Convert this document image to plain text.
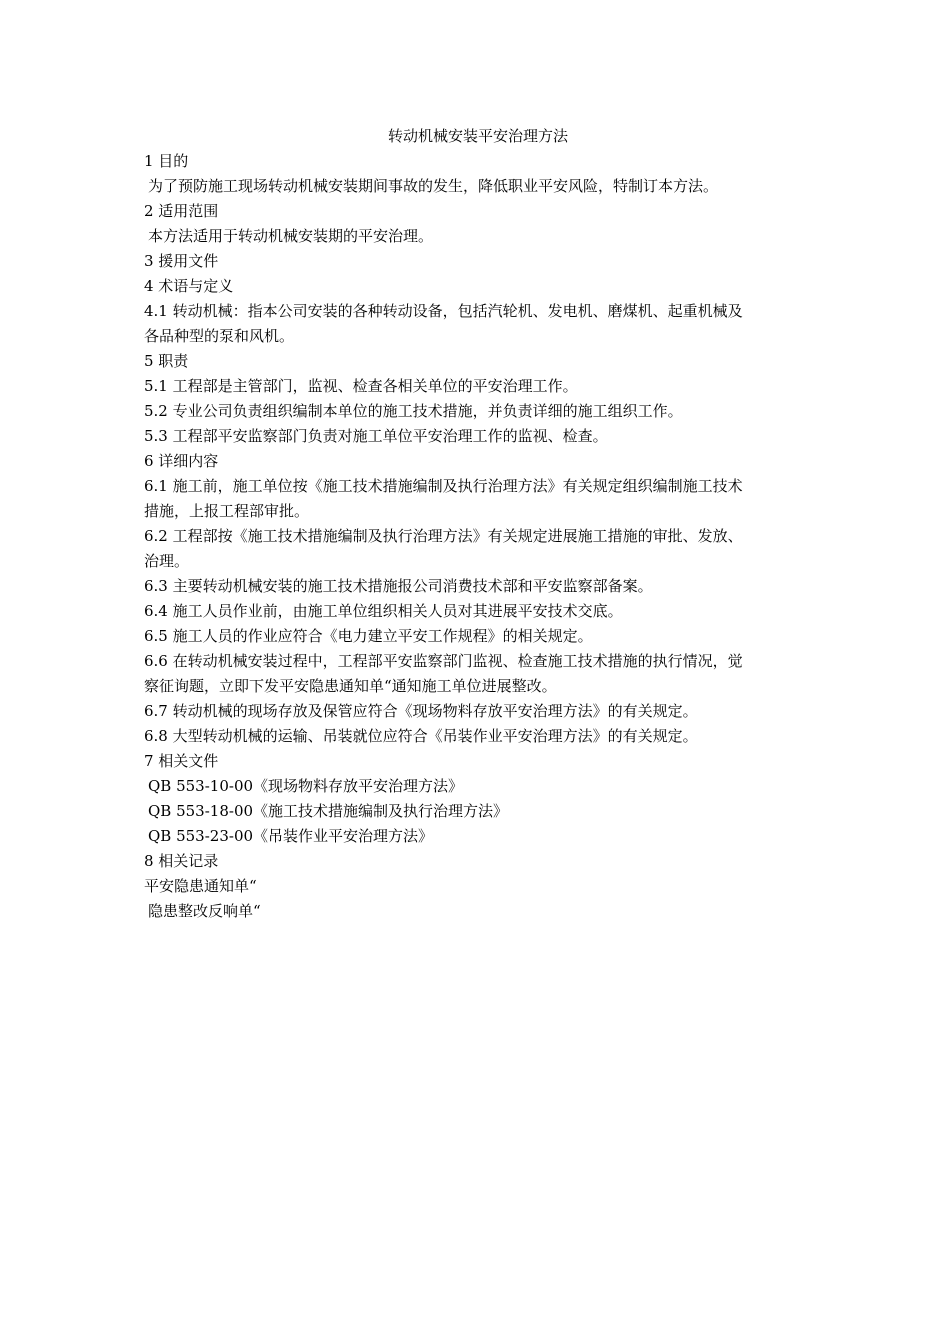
转动机械安装平安治理方法

1 目的

为了预防施工现场转动机械安装期间事故的发生，降低职业平安风险，特制订本方法。

2 适用范围

本方法适用于转动机械安装期的平安治理。

3 援用文件

4 术语与定义

4.1 转动机械：指本公司安装的各种转动设备，包括汽轮机、发电机、磨煤机、起重机械及

各品种型的泵和风机。

5 职责

5.1 工程部是主管部门，监视、检查各相关单位的平安治理工作。

5.2 专业公司负责组织编制本单位的施工技术措施，并负责详细的施工组织工作。

5.3 工程部平安监察部门负责对施工单位平安治理工作的监视、检查。

6 详细内容

6.1 施工前，施工单位按《施工技术措施编制及执行治理方法》有关规定组织编制施工技术

措施，上报工程部审批。

6.2 工程部按《施工技术措施编制及执行治理方法》有关规定进展施工措施的审批、发放、

治理。

6.3 主要转动机械安装的施工技术措施报公司消费技术部和平安监察部备案。

6.4 施工人员作业前，由施工单位组织相关人员对其进展平安技术交底。

6.5 施工人员的作业应符合《电力建立平安工作规程》的相关规定。

6.6 在转动机械安装过程中，工程部平安监察部门监视、检查施工技术措施的执行情况，觉

察征询题，立即下发平安隐患通知单“通知施工单位进展整改。

6.7 转动机械的现场存放及保管应符合《现场物料存放平安治理方法》的有关规定。

6.8 大型转动机械的运输、吊装就位应符合《吊装作业平安治理方法》的有关规定。

7 相关文件

QB 553-10-00《现场物料存放平安治理方法》

QB 553-18-00《施工技术措施编制及执行治理方法》

QB 553-23-00《吊装作业平安治理方法》

8 相关记录

平安隐患通知单“

隐患整改反响单“
